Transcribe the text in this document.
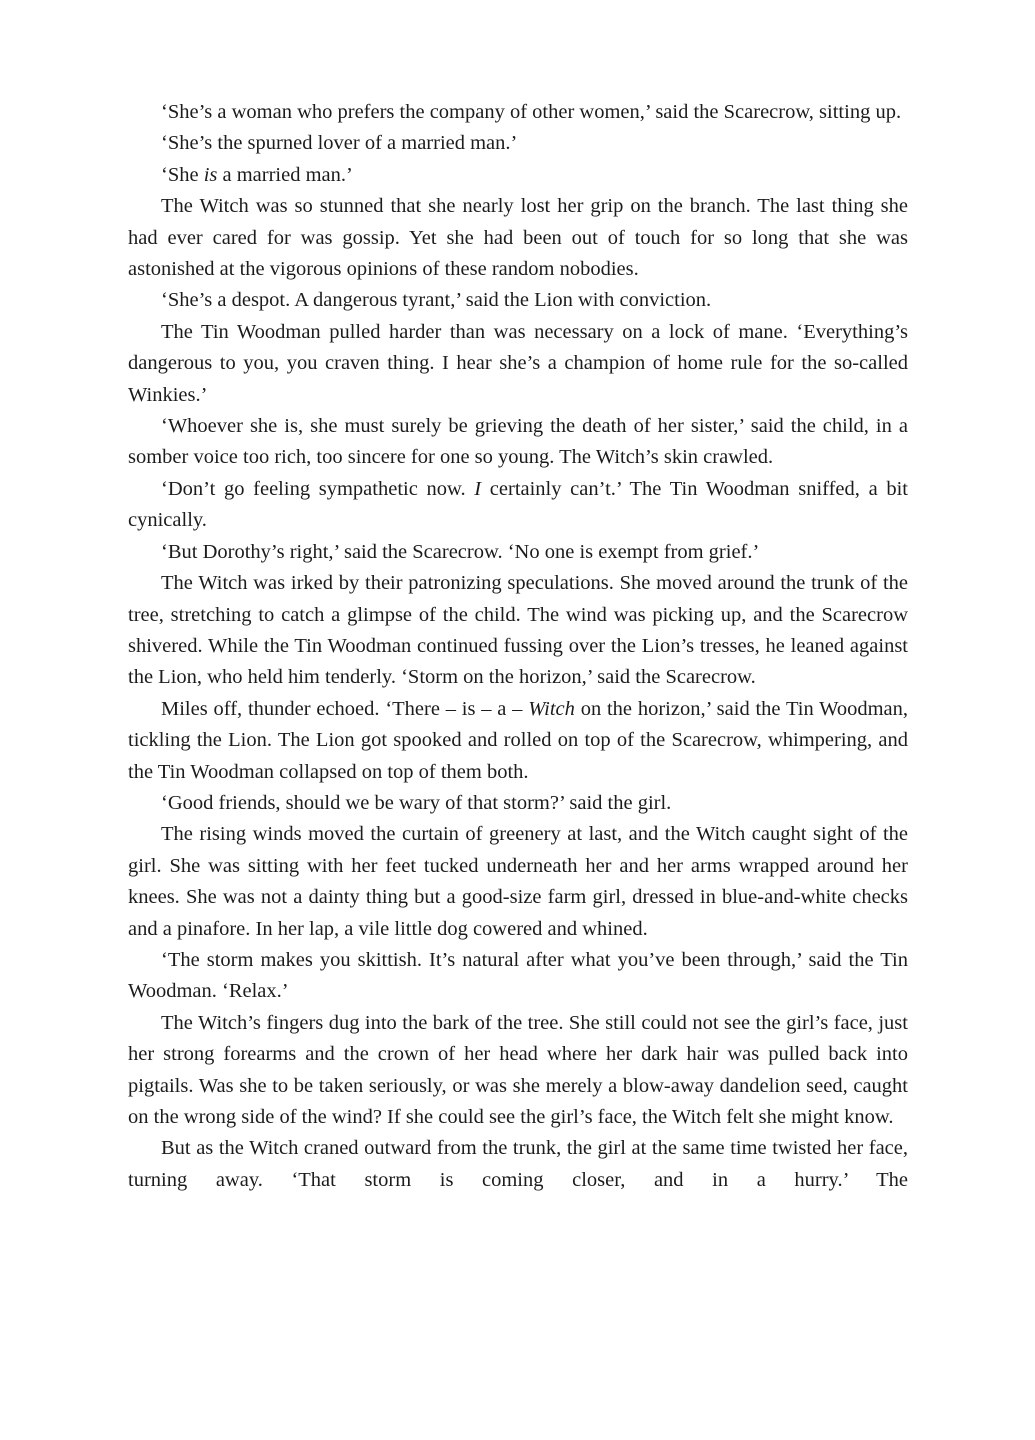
‘She’s a woman who prefers the company of other women,’ said the Scarecrow, sitting up.

‘She’s the spurned lover of a married man.’

‘She is a married man.’

The Witch was so stunned that she nearly lost her grip on the branch. The last thing she had ever cared for was gossip. Yet she had been out of touch for so long that she was astonished at the vigorous opinions of these random nobodies.

‘She’s a despot. A dangerous tyrant,’ said the Lion with conviction.

The Tin Woodman pulled harder than was necessary on a lock of mane. ‘Everything’s dangerous to you, you craven thing. I hear she’s a champion of home rule for the so-called Winkies.’

‘Whoever she is, she must surely be grieving the death of her sister,’ said the child, in a somber voice too rich, too sincere for one so young. The Witch’s skin crawled.

‘Don’t go feeling sympathetic now. I certainly can’t.’ The Tin Woodman sniffed, a bit cynically.

‘But Dorothy’s right,’ said the Scarecrow. ‘No one is exempt from grief.’

The Witch was irked by their patronizing speculations. She moved around the trunk of the tree, stretching to catch a glimpse of the child. The wind was picking up, and the Scarecrow shivered. While the Tin Woodman continued fussing over the Lion’s tresses, he leaned against the Lion, who held him tenderly. ‘Storm on the horizon,’ said the Scarecrow.

Miles off, thunder echoed. ‘There – is – a – Witch on the horizon,’ said the Tin Woodman, tickling the Lion. The Lion got spooked and rolled on top of the Scarecrow, whimpering, and the Tin Woodman collapsed on top of them both.

‘Good friends, should we be wary of that storm?’ said the girl.

The rising winds moved the curtain of greenery at last, and the Witch caught sight of the girl. She was sitting with her feet tucked underneath her and her arms wrapped around her knees. She was not a dainty thing but a good-size farm girl, dressed in blue-and-white checks and a pinafore. In her lap, a vile little dog cowered and whined.

‘The storm makes you skittish. It’s natural after what you’ve been through,’ said the Tin Woodman. ‘Relax.’

The Witch’s fingers dug into the bark of the tree. She still could not see the girl’s face, just her strong forearms and the crown of her head where her dark hair was pulled back into pigtails. Was she to be taken seriously, or was she merely a blow-away dandelion seed, caught on the wrong side of the wind? If she could see the girl’s face, the Witch felt she might know.

But as the Witch craned outward from the trunk, the girl at the same time twisted her face, turning away. ‘That storm is coming closer, and in a hurry.’ The
